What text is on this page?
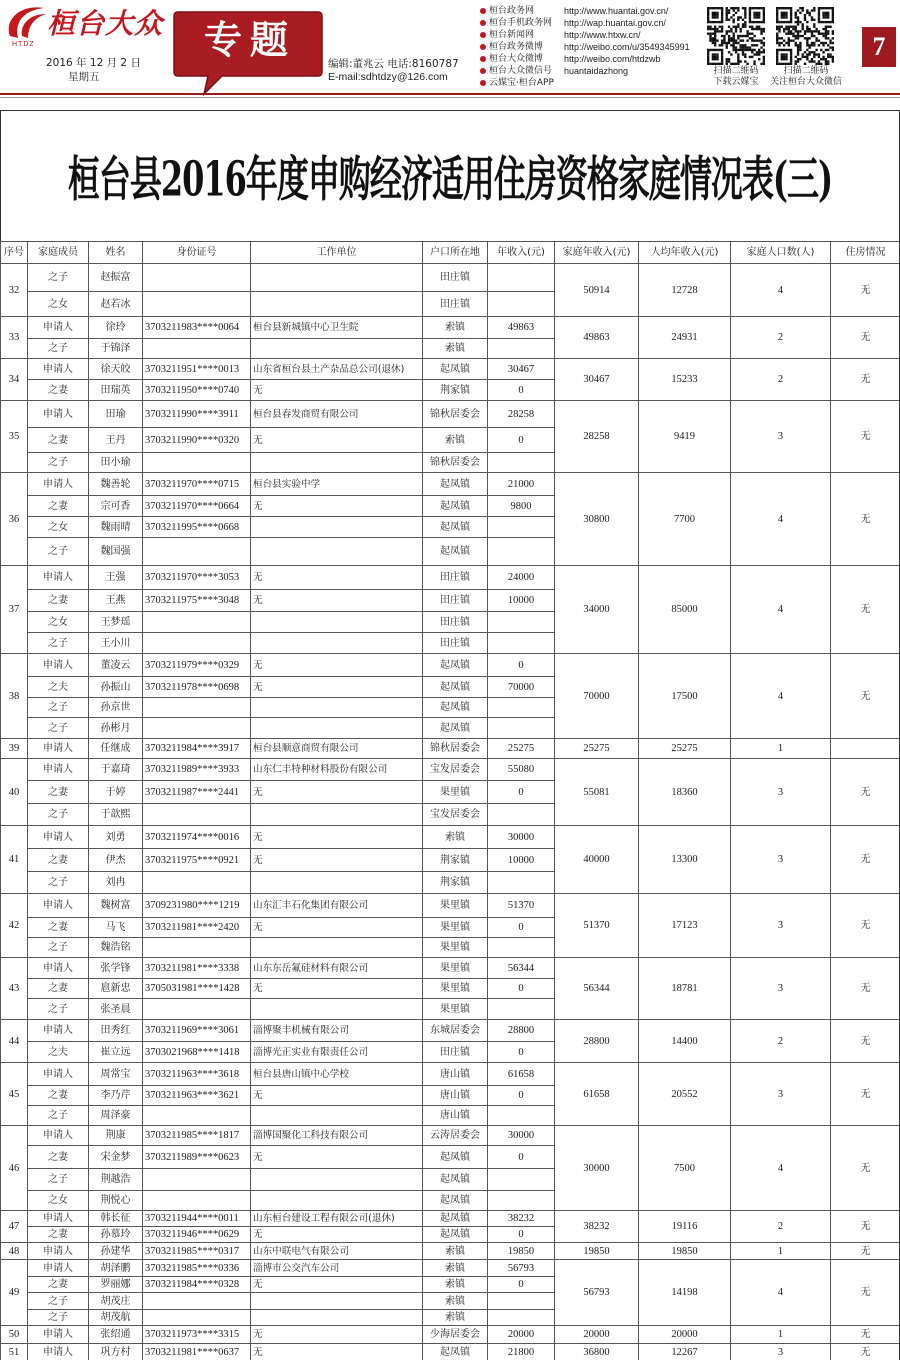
桓台大众
HTDZ
2016 年 12 月 2 日
星期五
专题
编辑:董兆云 电话:8160787
E-mail:sdhtdzy@126.com
桓台政务网	http://www.huantai.gov.cn/
桓台手机政务网 http://wap.huantai.gov.cn/
桓台新闻网	http://www.htxw.cn/
桓台政务微博 http://weibo.com/u/3549345991
桓台大众微博 http://weibo.com/htdzwb
桓台大众微信号 huantaidazhong
云媒宝·桓台APP
扫描二维码
下载云媒宝
扫描二维码
关注桓台大众微信
7
桓台县2016年度申购经济适用住房资格家庭情况表(三)
序号	家庭成员	姓名	身份证号	工作单位	户口所在地	年收入(元)	家庭年收入(元)	人均年收入(元)	家庭人口数(人)	住房情况
32	之子	赵振富			田庄镇		50914	12728	4	无
	之女	赵若冰			田庄镇					
33	申请人	徐玲	3703211983****0064	桓台县新城镇中心卫生院	索镇	49863	49863	24931	2	无
	之子	于锦泽			索镇					
34	申请人	徐天皎	3703211951****0013	山东省桓台县土产杂品总公司(退休)	起凤镇	30467	30467	15233	2	无
	之妻	田瑞英	3703211950****0740	无	荆家镇	0				
35	申请人	田瑜	3703211990****3911	桓台县春发商贸有限公司	锦秋居委会	28258	28258	9419	3	无
	之妻	王丹	3703211990****0320	无	索镇	0				
	之子	田小瑜			锦秋居委会					
36	申请人	魏善轮	3703211970****0715	桓台县实验中学	起凤镇	21000	30800	7700	4	无
	之妻	宗可香	3703211970****0664	无	起凤镇	9800				
	之女	魏雨晴	3703211995****0668		起凤镇					
	之子	魏国强			起凤镇					
37	申请人	王强	3703211970****3053	无	田庄镇	24000	34000	85000	4	无
	之妻	王燕	3703211975****3048	无	田庄镇	10000				
	之女	王梦瑶			田庄镇					
	之子	王小川			田庄镇					
38	申请人	董凌云	3703211979****0329	无	起凤镇	0	70000	17500	4	无
	之夫	孙振山	3703211978****0698	无	起凤镇	70000				
	之子	孙京世			起凤镇					
	之子	孙彬月			起凤镇					
39	申请人	任继成	3703211984****3917	桓台县顺意商贸有限公司	锦秋居委会	25275	25275	25275	1	
40	申请人	于嘉琦	3703211989****3933	山东仁丰特种材料股份有限公司	宝发居委会	55080	55081	18360	3	无
	之妻	于婷	3703211987****2441	无	果里镇	0				
	之子	于歆熙			宝发居委会					
41	申请人	刘勇	3703211974****0016	无	索镇	30000	40000	13300	3	无
	之妻	伊杰	3703211975****0921	无	荆家镇	10000				
	之子	刘冉			荆家镇					
42	申请人	魏树富	3709231980****1219	山东汇丰石化集团有限公司	果里镇	51370	51370	17123	3	无
	之妻	马飞	3703211981****2420	无	果里镇	0				
	之子	魏浩铭			果里镇					
43	申请人	张学锋	3703211981****3338	山东东岳氟硅材料有限公司	果里镇	56344	56344	18781	3	无
	之妻	扈新忠	3705031981****1428	无	果里镇	0				
	之子	张圣晨			果里镇					
44	申请人	田秀红	3703211969****3061	淄博聚丰机械有限公司	东城居委会	28800	28800	14400	2	无
	之夫	崔立远	3703021968****1418	淄博光正实业有限责任公司	田庄镇	0				
45	申请人	周常宝	3703211963****3618	桓台县唐山镇中心学校	唐山镇	61658	61658	20552	3	无
	之妻	李乃芹	3703211963****3621	无	唐山镇	0				
	之子	周泽豪			唐山镇					
46	申请人	荆康	3703211985****1817	淄博国聚化工科技有限公司	云涛居委会	30000	30000	7500	4	无
	之妻	宋金梦	3703211989****0623	无	起凤镇	0				
	之子	荆越浩			起凤镇					
	之女	荆悦心			起凤镇					
47	申请人	韩长征	3703211944****0011	山东桓台建设工程有限公司(退休)	起凤镇	38232	38232	19116	2	无
	之妻	孙慕玲	3703211946****0629	无	起凤镇	0				
48	申请人	孙建华	3703211985****0317	山东中联电气有限公司	索镇	19850	19850	19850	1	无
49	申请人	胡泽鹏	3703211985****0336	淄博市公交汽车公司	索镇	56793	56793	14198	4	无
	之妻	罗丽娜	3703211984****0328	无	索镇	0				
	之子	胡茂庄			索镇					
	之子	胡茂航			索镇					
50	申请人	张绍通	3703211973****3315	无	少海居委会	20000	20000	20000	1	无
51	申请人	巩方村	3703211981****0637	无	起凤镇	21800	36800	12267	3	无
